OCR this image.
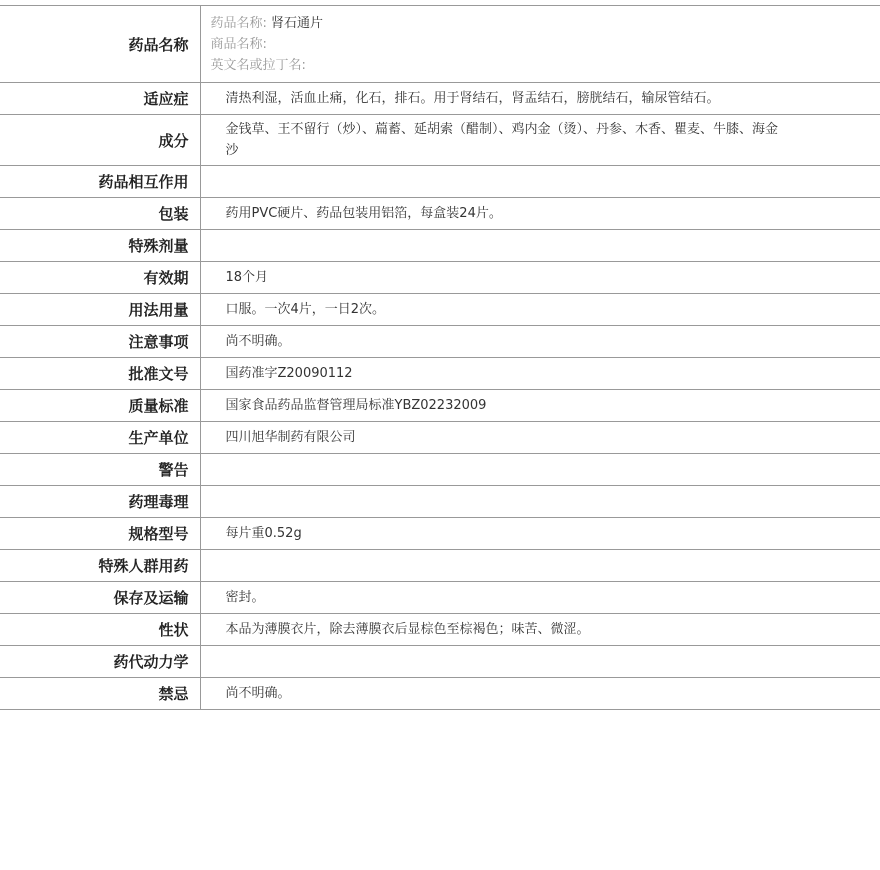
药品名称	药品名称: 肾石通片
商品名称:
英文名或拉丁名:

适应症	清热利湿，活血止痛，化石，排石。用于肾结石，肾盂结石，膀胱结石，输尿管结石。
成分	金钱草、王不留行（炒）、萹蓄、延胡索（醋制）、鸡内金（烫）、丹参、木香、瞿麦、牛膝、海金沙
药品相互作用	
包装	药用PVC硬片、药品包装用铝箔，每盒装24片。
特殊剂量	
有效期	18个月
用法用量	口服。一次4片，一日2次。
注意事项	尚不明确。
批准文号	国药准字Z20090112
质量标准	国家食品药品监督管理局标准YBZ02232009
生产单位	四川旭华制药有限公司
警告	
药理毒理	
规格型号	每片重0.52g
特殊人群用药	
保存及运输	密封。
性状	本品为薄膜衣片，除去薄膜衣后显棕色至棕褐色；味苦、微涩。
药代动力学	
禁忌	尚不明确。
